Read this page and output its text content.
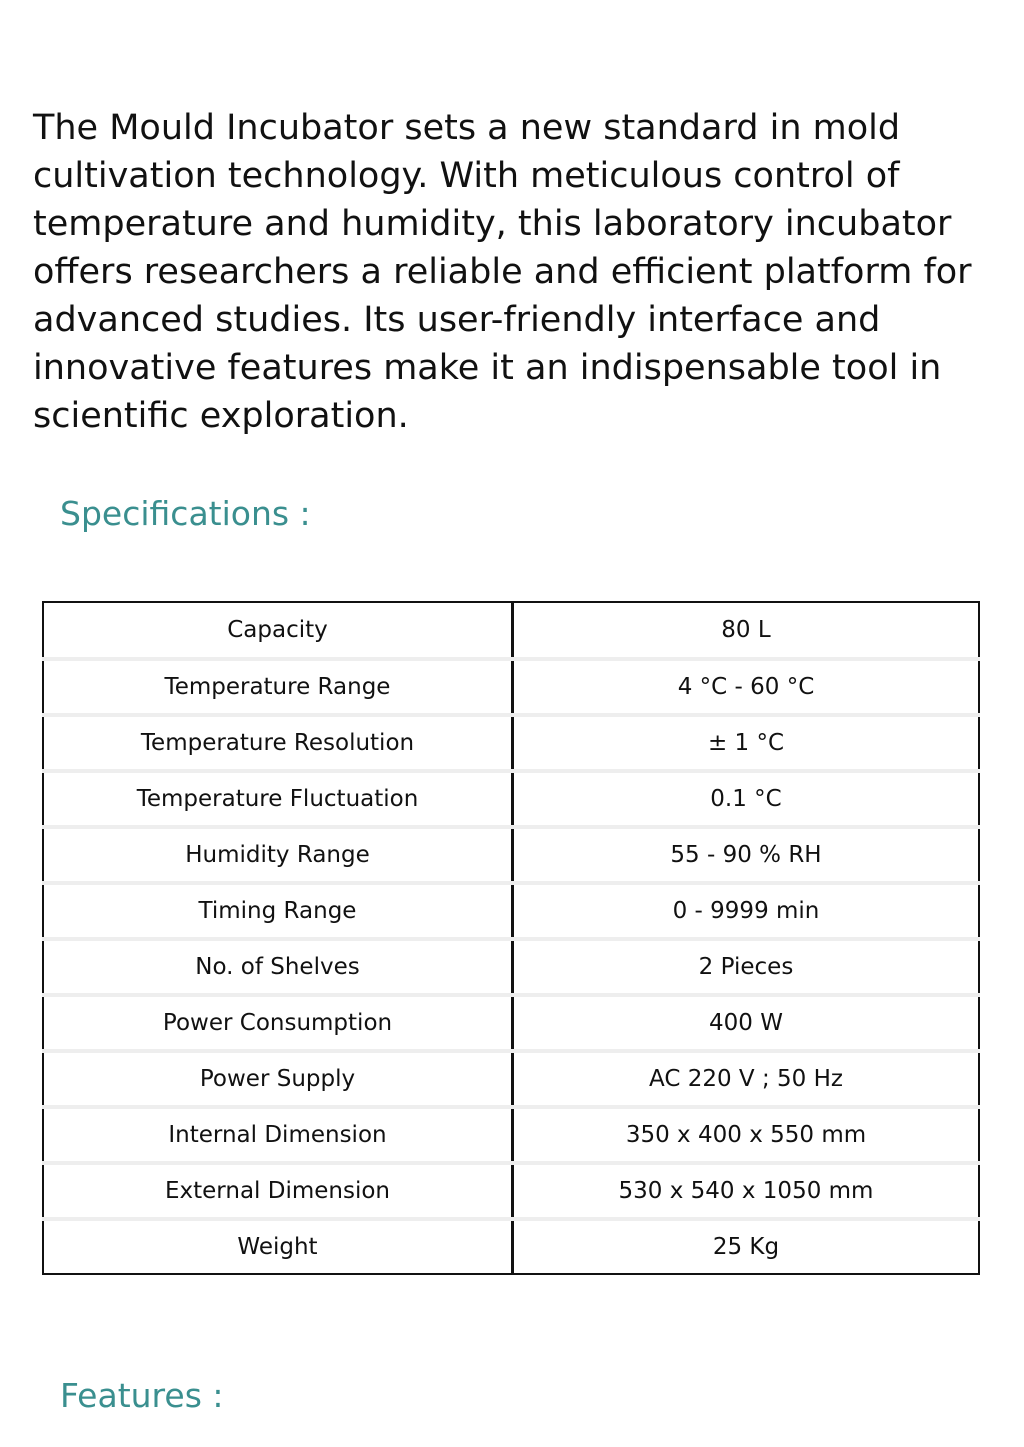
The Mould Incubator sets a new standard in mold cultivation technology. With meticulous control of temperature and humidity, this laboratory incubator offers researchers a reliable and efficient platform for advanced studies. Its user-friendly interface and innovative features make it an indispensable tool in scientific exploration.

Specifications :
Capacity	80 L
Temperature Range	4 °C - 60 °C
Temperature Resolution	± 1 °C
Temperature Fluctuation	0.1 °C
Humidity Range	55 - 90 % RH
Timing Range	0 - 9999 min
No. of Shelves	2 Pieces
Power Consumption	400 W
Power Supply	AC 220 V ; 50 Hz
Internal Dimension	350 x 400 x 550 mm
External Dimension	530 x 540 x 1050 mm
Weight	25 Kg
Features :
